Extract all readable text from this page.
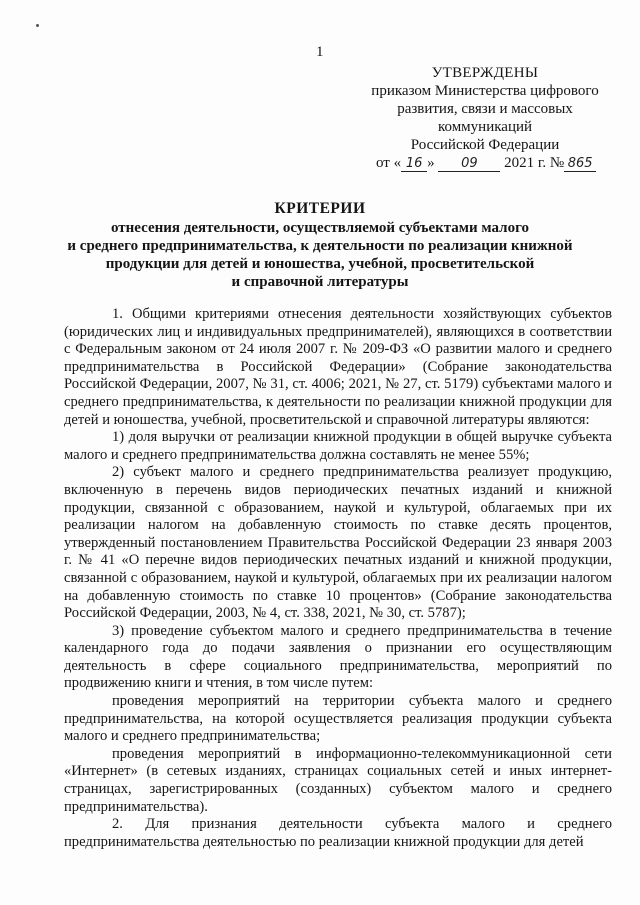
1
УТВЕРЖДЕНЫ
приказом Министерства цифрового
развития, связи и массовых
коммуникаций
Российской Федерации
от « 16 » 09 2021 г. № 865
КРИТЕРИИ
отнесения деятельности, осуществляемой субъектами малого
и среднего предпринимательства, к деятельности по реализации книжной
продукции для детей и юношества, учебной, просветительской
и справочной литературы

1. Общими критериями отнесения деятельности хозяйствующих субъектов (юридических лиц и индивидуальных предпринимателей), являющихся в соответствии с Федеральным законом от 24 июля 2007 г. № 209-ФЗ «О развитии малого и среднего предпринимательства в Российской Федерации» (Собрание законодательства Российской Федерации, 2007, № 31, ст. 4006; 2021, № 27, ст. 5179) субъектами малого и среднего предпринимательства, к деятельности по реализации книжной продукции для детей и юношества, учебной, просветительской и справочной литературы являются:

1) доля выручки от реализации книжной продукции в общей выручке субъекта малого и среднего предпринимательства должна составлять не менее 55%;

2) субъект малого и среднего предпринимательства реализует продукцию, включенную в перечень видов периодических печатных изданий и книжной продукции, связанной с образованием, наукой и культурой, облагаемых при их реализации налогом на добавленную стоимость по ставке десять процентов, утвержденный постановлением Правительства Российской Федерации 23 января 2003 г. № 41 «О перечне видов периодических печатных изданий и книжной продукции, связанной с образованием, наукой и культурой, облагаемых при их реализации налогом на добавленную стоимость по ставке 10 процентов» (Собрание законодательства Российской Федерации, 2003, № 4, ст. 338, 2021, № 30, ст. 5787);

3) проведение субъектом малого и среднего предпринимательства в течение календарного года до подачи заявления о признании его осуществляющим деятельность в сфере социального предпринимательства, мероприятий по продвижению книги и чтения, в том числе путем:

проведения мероприятий на территории субъекта малого и среднего предпринимательства, на которой осуществляется реализация продукции субъекта малого и среднего предпринимательства;

проведения мероприятий в информационно-телекоммуникационной сети «Интернет» (в сетевых изданиях, страницах социальных сетей и иных интернет-страницах, зарегистрированных (созданных) субъектом малого и среднего предпринимательства).

2. Для признания деятельности субъекта малого и среднего предпринимательства деятельностью по реализации книжной продукции для детей
